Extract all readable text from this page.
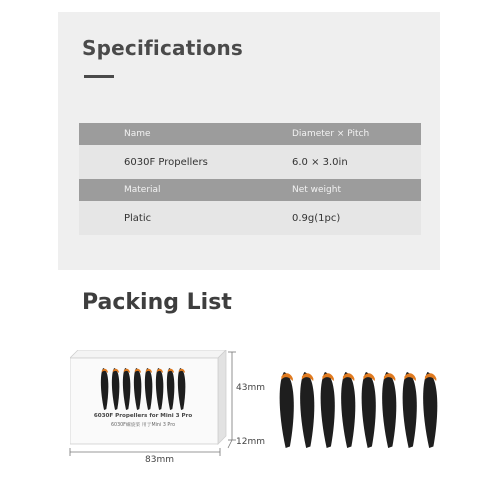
Specifications
Name	Diameter × Pitch
6030F Propellers	6.0 × 3.0in
Material	Net weight
Platic	0.9g(1pc)
Packing List
6030F Propellers for Mini 3 Pro
6030F螺旋桨 用于Mini 3 Pro
43mm
12mm
83mm
